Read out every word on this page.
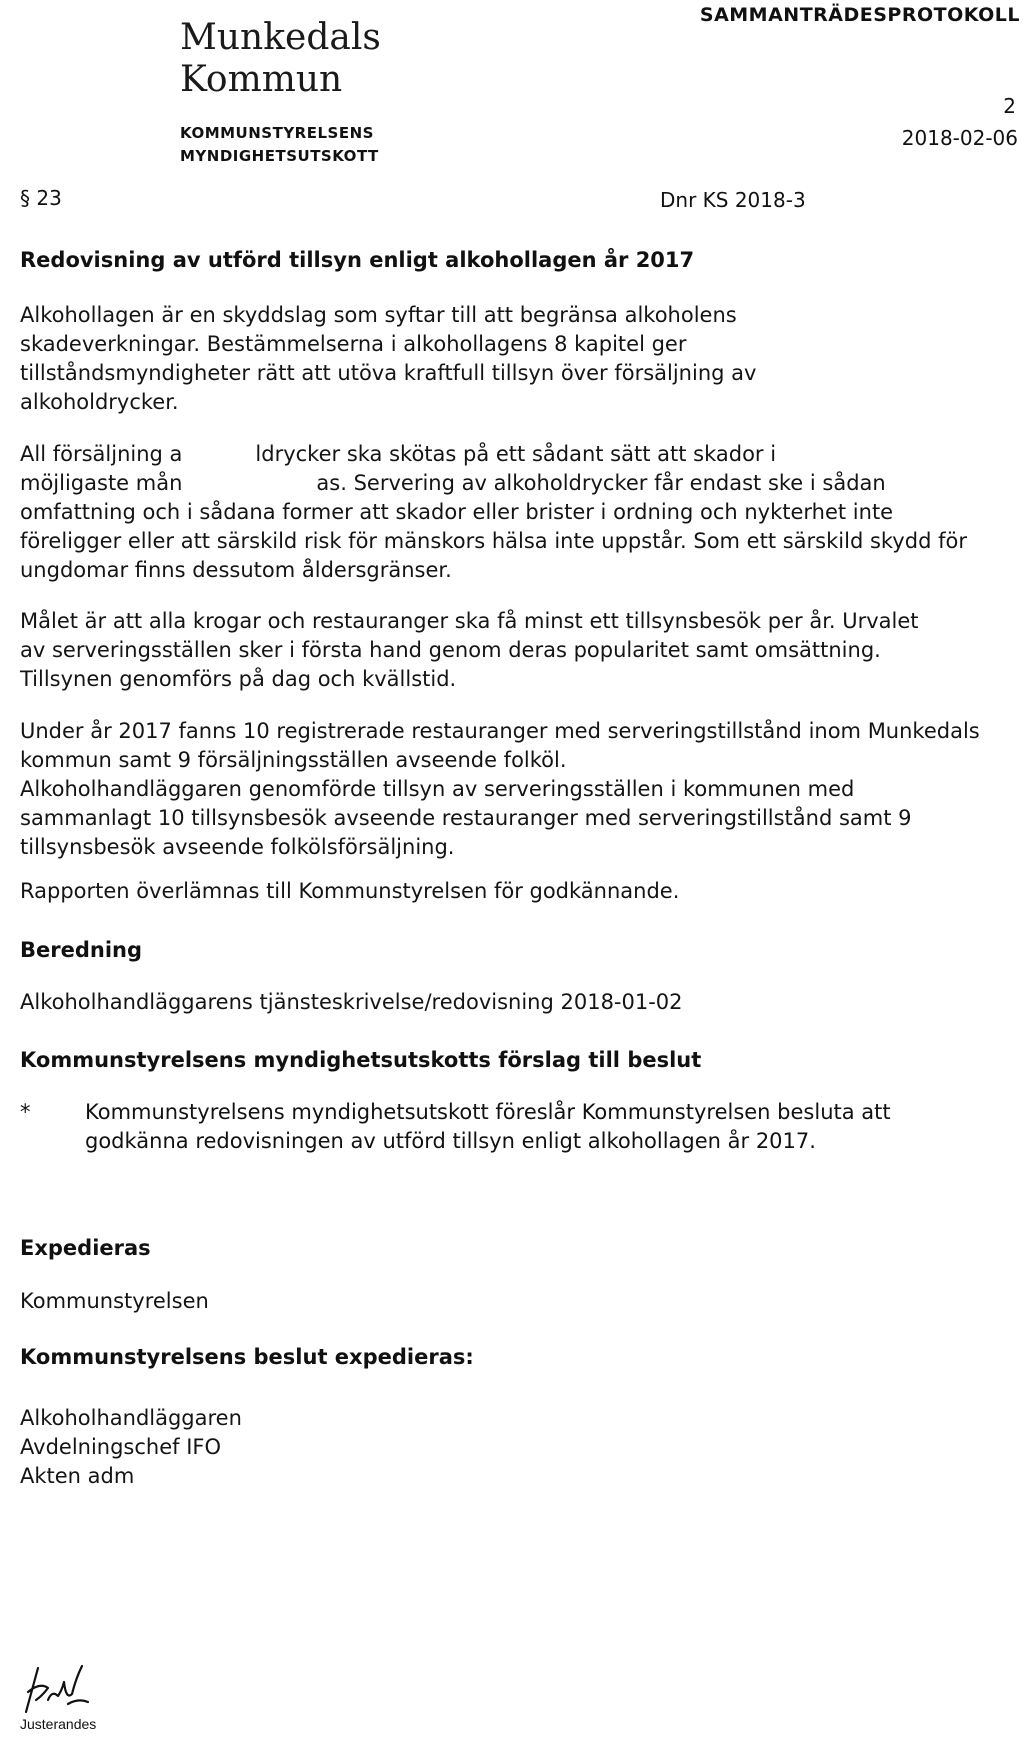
Munkedals
Kommun
SAMMANTRÄDESPROTOKOLL
KOMMUNSTYRELSENS
MYNDIGHETSUTSKOTT
2
2018-02-06
§ 23	Dnr KS 2018-3
Redovisning av utförd tillsyn enligt alkohollagen år 2017

Alkohollagen är en skyddslag som syftar till att begränsa alkoholens skadeverkningar. Bestämmelserna i alkohollagens 8 kapitel ger tillståndsmyndigheter rätt att utöva kraftfull tillsyn över försäljning av alkoholdrycker.

All försäljning a	ldrycker ska skötas på ett sådant sätt att skador i
möjligaste mån	as. Servering av alkoholdrycker får endast ske i sådan

omfattning och i sådana former att skador eller brister i ordning och nykterhet inte föreligger eller att särskild risk för mänskors hälsa inte uppstår. Som ett särskild skydd för ungdomar finns dessutom åldersgränser.

Målet är att alla krogar och restauranger ska få minst ett tillsynsbesök per år. Urvalet av serveringsställen sker i första hand genom deras popularitet samt omsättning. Tillsynen genomförs på dag och kvällstid.

Under år 2017 fanns 10 registrerade restauranger med serveringstillstånd inom Munkedals kommun samt 9 försäljningsställen avseende folköl.

Alkoholhandläggaren genomförde tillsyn av serveringsställen i kommunen med sammanlagt 10 tillsynsbesök avseende restauranger med serveringstillstånd samt 9 tillsynsbesök avseende folkölsförsäljning.

Rapporten överlämnas till Kommunstyrelsen för godkännande.

Beredning
Alkoholhandläggarens tjänsteskrivelse/redovisning 2018-01-02
Kommunstyrelsens myndighetsutskotts förslag till beslut
*	Kommunstyrelsens myndighetsutskott föreslår Kommunstyrelsen besluta att godkänna redovisningen av utförd tillsyn enligt alkohollagen år 2017.
Expedieras
Kommunstyrelsen
Kommunstyrelsens beslut expedieras:
Alkoholhandläggaren
Avdelningschef IFO
Akten adm
Justerandes
